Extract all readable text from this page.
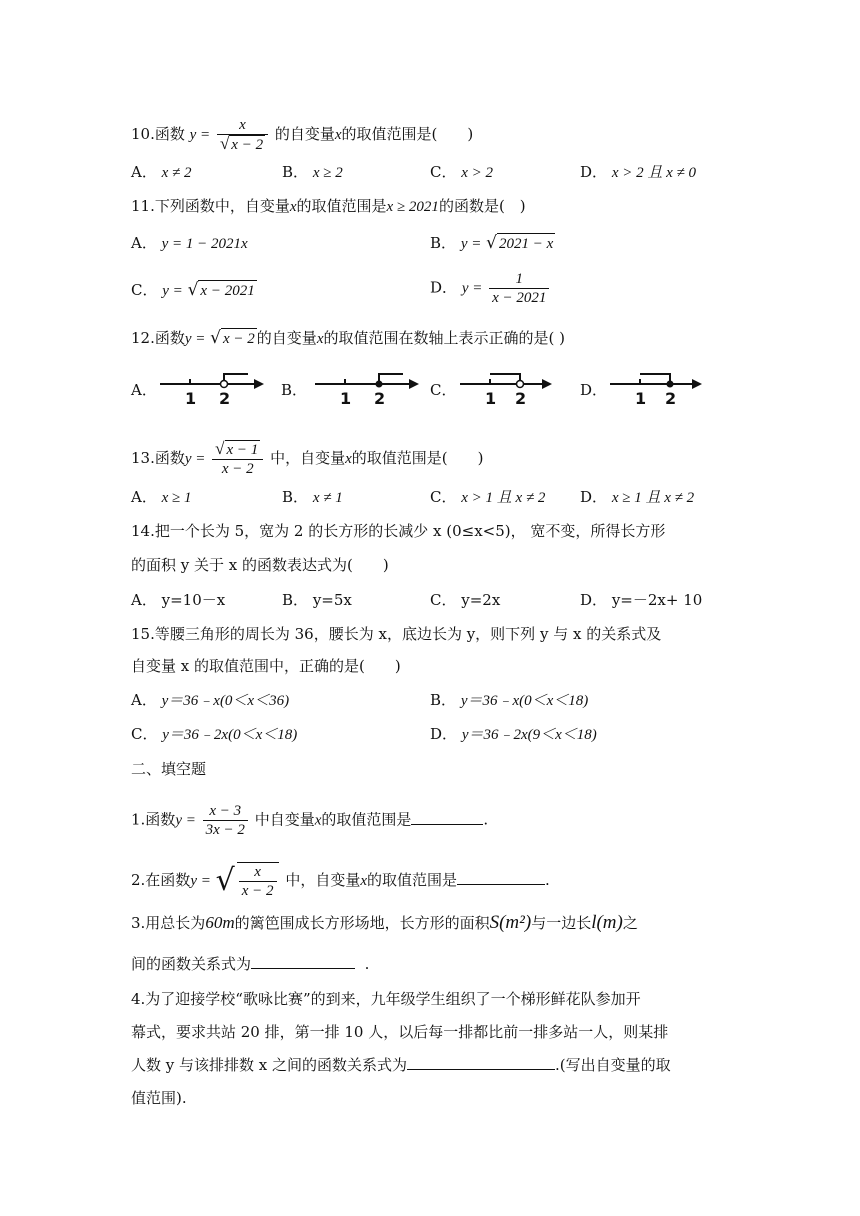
10.函数 $y = \frac{x}{√ x - 2}$ 的自变量x的取值范围是(　　)
A． x ≠ 2	B． x ≥ 2	C． x > 2	D． x > 2 且 x ≠ 0
11.下列函数中，自变量x的取值范围是x ≥ 2021的函数是(　)
A． y = 1 − 2021x	B． y = √ 2021 − x
C． y = √ x − 2021	D． $y = \frac{1}{x - 2021}$
12.函数y = √ x − 2 的自变量x的取值范围在数轴上表示正确的是( )
A．	B．	C．	D．
1 2	1 2	1 2	1 2
13.函数$y = \frac{√ x - 1}{x - 2}$ 中，自变量x的取值范围是(　　)
A． x ≥ 1	B． x ≠ 1	C． x > 1 且 x ≠ 2 D． x ≥ 1 且 x ≠ 2
14.把一个长为 5，宽为 2 的长方形的长减少 x (0≤x<5)， 宽不变，所得长方形
的面积 y 关于 x 的函数表达式为(　　)
A． y=10－x	B． y=5x	C． y=2x	D． y=－2x+ 10
15.等腰三角形的周长为 36，腰长为 x，底边长为 y，则下列 y 与 x 的关系式及
自变量 x 的取值范围中，正确的是(　　)
A． y＝36﹣x(0＜x＜36)	B． y＝36﹣x(0＜x＜18)
C． y＝36﹣2x(0＜x＜18)	D． y＝36﹣2x(9＜x＜18)
二、填空题
1.函数$y = \frac{x - 3}{3x - 2}$ 中自变量x的取值范围是	.
2.在函数y = √ $\frac{x}{x - 2}$ 中，自变量x的取值范围是	.
3.用总长为60m的篱笆围成长方形场地，长方形的面积S(m²)与一边长l(m)之
间的函数关系式为	.
4.为了迎接学校“歌咏比赛”的到来，九年级学生组织了一个梯形鲜花队参加开
幕式，要求共站 20 排，第一排 10 人，以后每一排都比前一排多站一人，则某排
人数 y 与该排排数 x 之间的函数关系式为	.(写出自变量的取
值范围).
